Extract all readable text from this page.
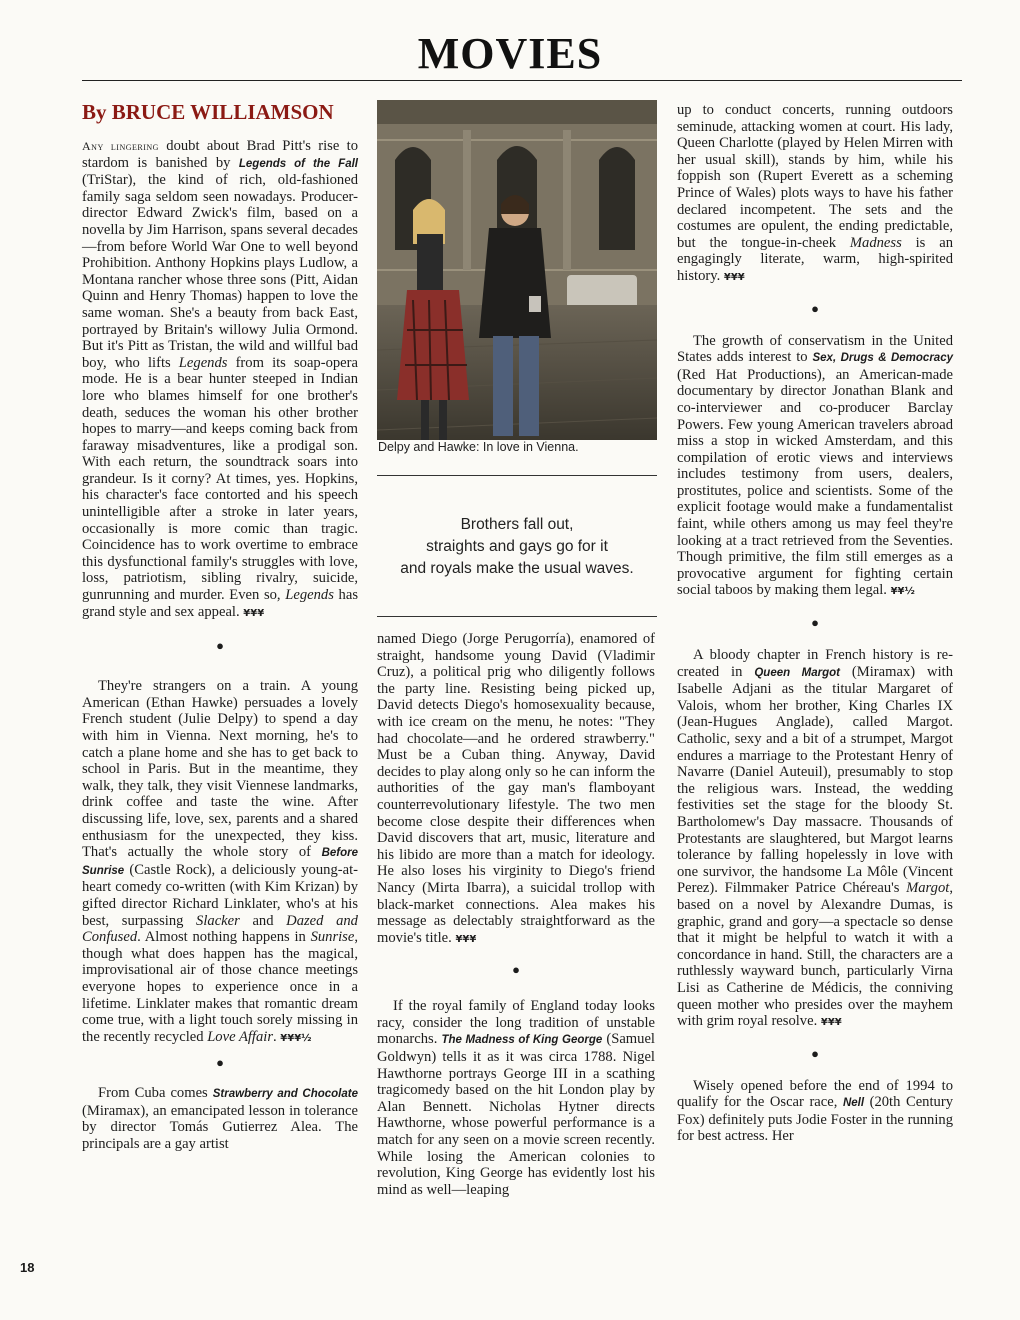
MOVIES
By BRUCE WILLIAMSON

Any lingering doubt about Brad Pitt's rise to stardom is banished by Legends of the Fall (TriStar), the kind of rich, old-fashioned family saga seldom seen nowadays. Producer-director Edward Zwick's film, based on a novella by Jim Harrison, spans several decades—from before World War One to well beyond Prohibition. Anthony Hopkins plays Ludlow, a Montana rancher whose three sons (Pitt, Aidan Quinn and Henry Thomas) happen to love the same woman. She's a beauty from back East, portrayed by Britain's willowy Julia Ormond. But it's Pitt as Tristan, the wild and willful bad boy, who lifts Legends from its soap-opera mode. He is a bear hunter steeped in Indian lore who blames himself for one brother's death, seduces the woman his other brother hopes to marry—and keeps coming back from faraway misadventures, like a prodigal son. With each return, the soundtrack soars into grandeur. Is it corny? At times, yes. Hopkins, his character's face contorted and his speech unintelligible after a stroke in later years, occasionally is more comic than tragic. Coincidence has to work overtime to embrace this dysfunctional family's struggles with love, loss, patriotism, sibling rivalry, suicide, gunrunning and murder. Even so, Legends has grand style and sex appeal. ¥¥¥

●

They're strangers on a train. A young American (Ethan Hawke) persuades a lovely French student (Julie Delpy) to spend a day with him in Vienna. Next morning, he's to catch a plane home and she has to get back to school in Paris. But in the meantime, they walk, they talk, they visit Viennese landmarks, drink coffee and taste the wine. After discussing life, love, sex, parents and a shared enthusiasm for the unexpected, they kiss. That's actually the whole story of Before Sunrise (Castle Rock), a deliciously young-at-heart comedy co-written (with Kim Krizan) by gifted director Richard Linklater, who's at his best, surpassing Slacker and Dazed and Confused. Almost nothing happens in Sunrise, though what does happen has the magical, improvisational air of those chance meetings everyone hopes to experience once in a lifetime. Linklater makes that romantic dream come true, with a light touch sorely missing in the recently recycled Love Affair. ¥¥¥½

●

From Cuba comes Strawberry and Chocolate (Miramax), an emancipated lesson in tolerance by director Tomás Gutierrez Alea. The principals are a gay artist

18
Delpy and Hawke: In love in Vienna.
Brothers fall out,
straights and gays go for it
and royals make the usual waves.

named Diego (Jorge Perugorría), enamored of straight, handsome young David (Vladimir Cruz), a political prig who diligently follows the party line. Resisting being picked up, David detects Diego's homosexuality because, with ice cream on the menu, he notes: "They had chocolate—and he ordered strawberry." Must be a Cuban thing. Anyway, David decides to play along only so he can inform the authorities of the gay man's flamboyant counterrevolutionary lifestyle. The two men become close despite their differences when David discovers that art, music, literature and his libido are more than a match for ideology. He also loses his virginity to Diego's friend Nancy (Mirta Ibarra), a suicidal trollop with black-market connections. Alea makes his message as delectably straightforward as the movie's title. ¥¥¥

●

If the royal family of England today looks racy, consider the long tradition of unstable monarchs. The Madness of King George (Samuel Goldwyn) tells it as it was circa 1788. Nigel Hawthorne portrays George III in a scathing tragicomedy based on the hit London play by Alan Bennett. Nicholas Hytner directs Hawthorne, whose powerful performance is a match for any seen on a movie screen recently. While losing the American colonies to revolution, King George has evidently lost his mind as well—leaping

up to conduct concerts, running outdoors seminude, attacking women at court. His lady, Queen Charlotte (played by Helen Mirren with her usual skill), stands by him, while his foppish son (Rupert Everett as a scheming Prince of Wales) plots ways to have his father declared incompetent. The sets and the costumes are opulent, the ending predictable, but the tongue-in-cheek Madness is an engagingly literate, warm, high-spirited history. ¥¥¥

●

The growth of conservatism in the United States adds interest to Sex, Drugs & Democracy (Red Hat Productions), an American-made documentary by director Jonathan Blank and co-interviewer and co-producer Barclay Powers. Few young American travelers abroad miss a stop in wicked Amsterdam, and this compilation of erotic views and interviews includes testimony from users, dealers, prostitutes, police and scientists. Some of the explicit footage would make a fundamentalist faint, while others among us may feel they're looking at a tract retrieved from the Seventies. Though primitive, the film still emerges as a provocative argument for fighting certain social taboos by making them legal. ¥¥½

●

A bloody chapter in French history is re-created in Queen Margot (Miramax) with Isabelle Adjani as the titular Margaret of Valois, whom her brother, King Charles IX (Jean-Hugues Anglade), called Margot. Catholic, sexy and a bit of a strumpet, Margot endures a marriage to the Protestant Henry of Navarre (Daniel Auteuil), presumably to stop the religious wars. Instead, the wedding festivities set the stage for the bloody St. Bartholomew's Day massacre. Thousands of Protestants are slaughtered, but Margot learns tolerance by falling hopelessly in love with one survivor, the handsome La Môle (Vincent Perez). Filmmaker Patrice Chéreau's Margot, based on a novel by Alexandre Dumas, is graphic, grand and gory—a spectacle so dense that it might be helpful to watch it with a concordance in hand. Still, the characters are a ruthlessly wayward bunch, particularly Virna Lisi as Catherine de Médicis, the conniving queen mother who presides over the mayhem with grim royal resolve. ¥¥¥

●

Wisely opened before the end of 1994 to qualify for the Oscar race, Nell (20th Century Fox) definitely puts Jodie Foster in the running for best actress. Her
